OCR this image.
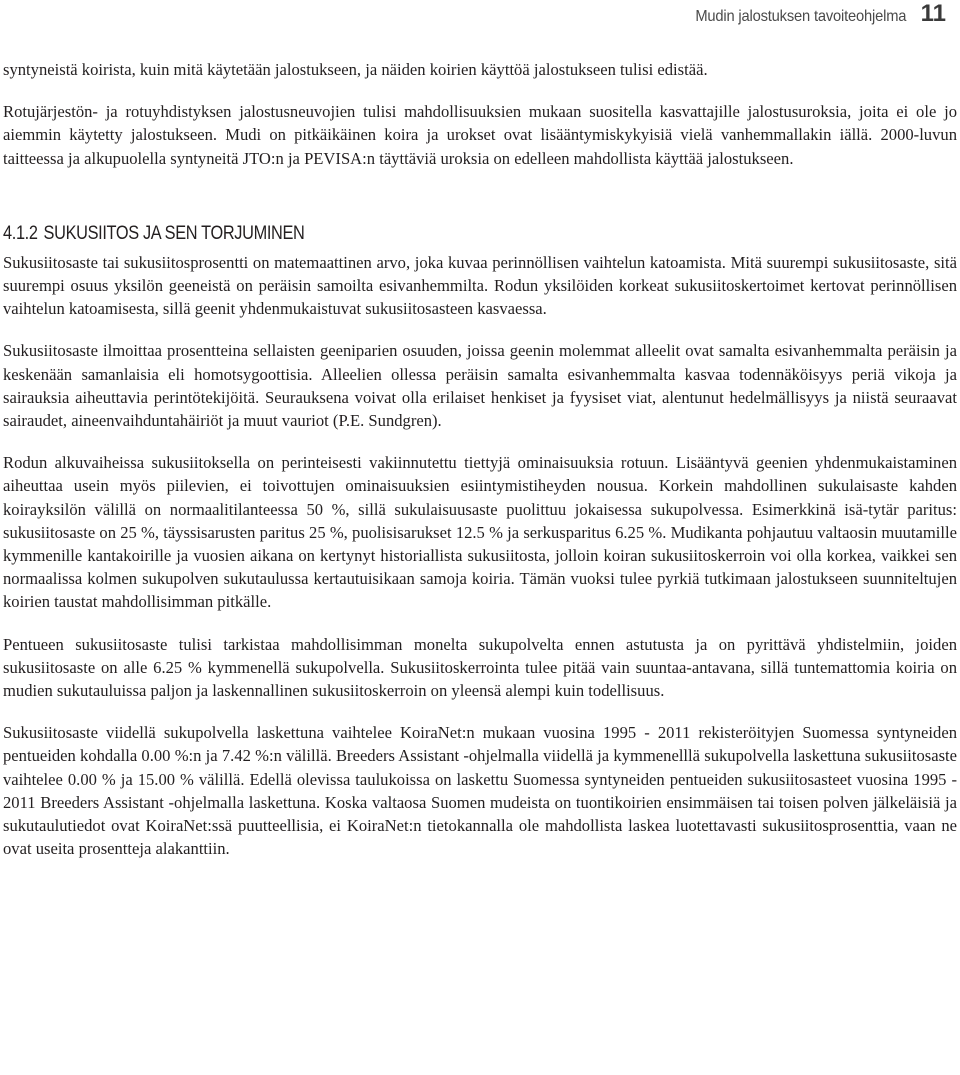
Mudin jalostuksen tavoiteohjelma 11

syntyneistä koirista, kuin mitä käytetään jalostukseen, ja näiden koirien käyttöä jalostukseen tulisi edistää.

Rotujärjestön- ja rotuyhdistyksen jalostusneuvojien tulisi mahdollisuuksien mukaan suositella kasvattajille jalostusuroksia, joita ei ole jo aiemmin käytetty jalostukseen. Mudi on pitkäikäinen koira ja urokset ovat lisääntymiskykyisiä vielä vanhemmallakin iällä. 2000-luvun taitteessa ja alkupuolella syntyneitä JTO:n ja PEVISA:n täyttäviä uroksia on edelleen mahdollista käyttää jalostukseen.

4.1.2 SUKUSIITOS JA SEN TORJUMINEN

Sukusiitosaste tai sukusiitosprosentti on matemaattinen arvo, joka kuvaa perinnöllisen vaihtelun katoamista. Mitä suurempi sukusiitosaste, sitä suurempi osuus yksilön geeneistä on peräisin samoilta esivanhemmilta. Rodun yksilöiden korkeat sukusiitoskertoimet kertovat perinnöllisen vaihtelun katoamisesta, sillä geenit yhdenmukaistuvat sukusiitosasteen kasvaessa.

Sukusiitosaste ilmoittaa prosentteina sellaisten geeniparien osuuden, joissa geenin molemmat alleelit ovat samalta esivanhemmalta peräisin ja keskenään samanlaisia eli homotsygoottisia. Alleelien ollessa peräisin samalta esivanhemmalta kasvaa todennäköisyys periä vikoja ja sairauksia aiheuttavia perintötekijöitä. Seurauksena voivat olla erilaiset henkiset ja fyysiset viat, alentunut hedelmällisyys ja niistä seuraavat sairaudet, aineenvaihduntahäiriöt ja muut vauriot (P.E. Sundgren).

Rodun alkuvaiheissa sukusiitoksella on perinteisesti vakiinnutettu tiettyjä ominaisuuksia rotuun. Lisääntyvä geenien yhdenmukaistaminen aiheuttaa usein myös piilevien, ei toivottujen ominaisuuksien esiintymistiheyden nousua. Korkein mahdollinen sukulaisaste kahden koirayksilön välillä on normaalitilanteessa 50 %, sillä sukulaisuusaste puolittuu jokaisessa sukupolvessa. Esimerkkinä isä-tytär paritus: sukusiitosaste on 25 %, täyssisarusten paritus 25 %, puolisisarukset 12.5 % ja serkusparitus 6.25 %. Mudikanta pohjautuu valtaosin muutamille kymmenille kantakoirille ja vuosien aikana on kertynyt historiallista sukusiitosta, jolloin koiran sukusiitoskerroin voi olla korkea, vaikkei sen normaalissa kolmen sukupolven sukutaulussa kertautuisikaan samoja koiria. Tämän vuoksi tulee pyrkiä tutkimaan jalostukseen suunniteltujen koirien taustat mahdollisimman pitkälle.

Pentueen sukusiitosaste tulisi tarkistaa mahdollisimman monelta sukupolvelta ennen astutusta ja on pyrittävä yhdistelmiin, joiden sukusiitosaste on alle 6.25 % kymmenellä sukupolvella. Sukusiitoskerrointa tulee pitää vain suuntaa-antavana, sillä tuntemattomia koiria on mudien sukutauluissa paljon ja laskennallinen sukusiitoskerroin on yleensä alempi kuin todellisuus.

Sukusiitosaste viidellä sukupolvella laskettuna vaihtelee KoiraNet:n mukaan vuosina 1995 - 2011 rekisteröityjen Suomessa syntyneiden pentueiden kohdalla 0.00 %:n ja 7.42 %:n välillä. Breeders Assistant -ohjelmalla viidellä ja kymmenelllä sukupolvella laskettuna sukusiitosaste vaihtelee 0.00 % ja 15.00 % välillä. Edellä olevissa taulukoissa on laskettu Suomessa syntyneiden pentueiden sukusiitosasteet vuosina 1995 - 2011 Breeders Assistant -ohjelmalla laskettuna. Koska valtaosa Suomen mudeista on tuontikoirien ensimmäisen tai toisen polven jälkeläisiä ja sukutaulutiedot ovat KoiraNet:ssä puutteellisia, ei KoiraNet:n tietokannalla ole mahdollista laskea luotettavasti sukusiitosprosenttia, vaan ne ovat useita prosentteja alakanttiin.
